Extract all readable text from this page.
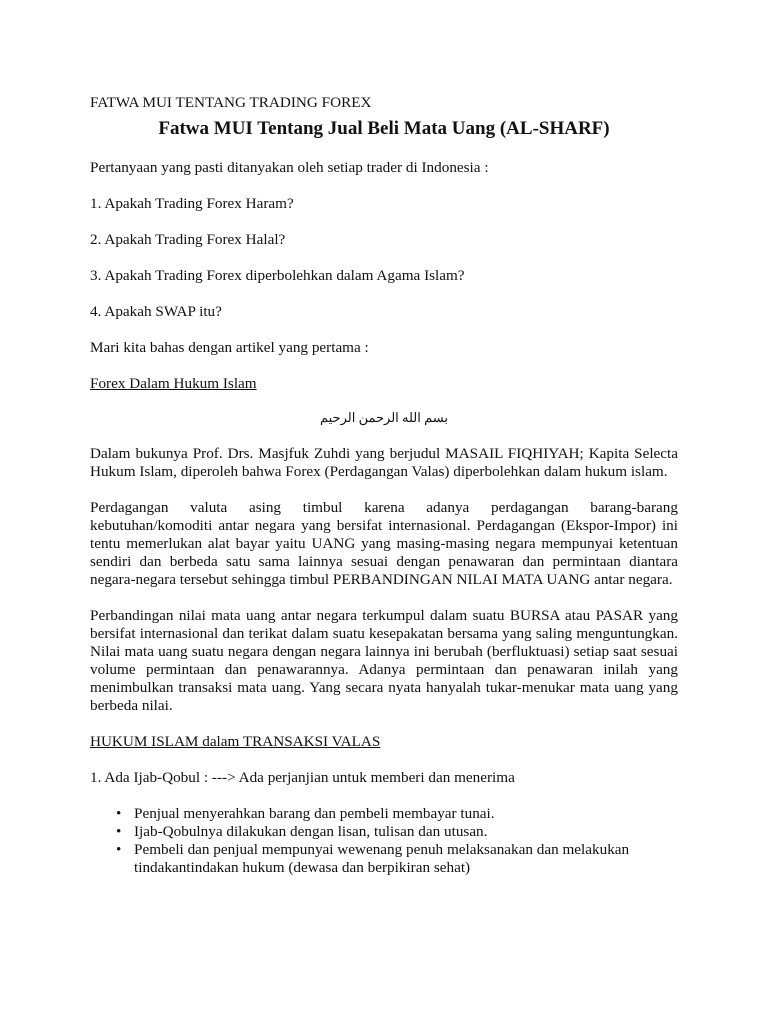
FATWA MUI TENTANG TRADING FOREX

Fatwa MUI Tentang Jual Beli Mata Uang (AL-SHARF)

Pertanyaan yang pasti ditanyakan oleh setiap trader di Indonesia :

1. Apakah Trading Forex Haram?

2. Apakah Trading Forex Halal?

3. Apakah Trading Forex diperbolehkan dalam Agama Islam?

4. Apakah SWAP itu?

Mari kita bahas dengan artikel yang pertama :

Forex Dalam Hukum Islam

بسم الله الرحمن الرحيم

Dalam bukunya Prof. Drs. Masjfuk Zuhdi yang berjudul MASAIL FIQHIYAH; Kapita Selecta Hukum Islam, diperoleh bahwa Forex (Perdagangan Valas) diperbolehkan dalam hukum islam.

Perdagangan valuta asing timbul karena adanya perdagangan barang-barang kebutuhan/komoditi antar negara yang bersifat internasional. Perdagangan (Ekspor-Impor) ini tentu memerlukan alat bayar yaitu UANG yang masing-masing negara mempunyai ketentuan sendiri dan berbeda satu sama lainnya sesuai dengan penawaran dan permintaan diantara negara-negara tersebut sehingga timbul PERBANDINGAN NILAI MATA UANG antar negara.

Perbandingan nilai mata uang antar negara terkumpul dalam suatu BURSA atau PASAR yang bersifat internasional dan terikat dalam suatu kesepakatan bersama yang saling menguntungkan. Nilai mata uang suatu negara dengan negara lainnya ini berubah (berfluktuasi) setiap saat sesuai volume permintaan dan penawarannya. Adanya permintaan dan penawaran inilah yang menimbulkan transaksi mata uang. Yang secara nyata hanyalah tukar-menukar mata uang yang berbeda nilai.

HUKUM ISLAM dalam TRANSAKSI VALAS

1. Ada Ijab-Qobul : ---> Ada perjanjian untuk memberi dan menerima

• Penjual menyerahkan barang dan pembeli membayar tunai.
• Ijab-Qobulnya dilakukan dengan lisan, tulisan dan utusan.
• Pembeli dan penjual mempunyai wewenang penuh melaksanakan dan melakukan tindakantindakan hukum (dewasa dan berpikiran sehat)
